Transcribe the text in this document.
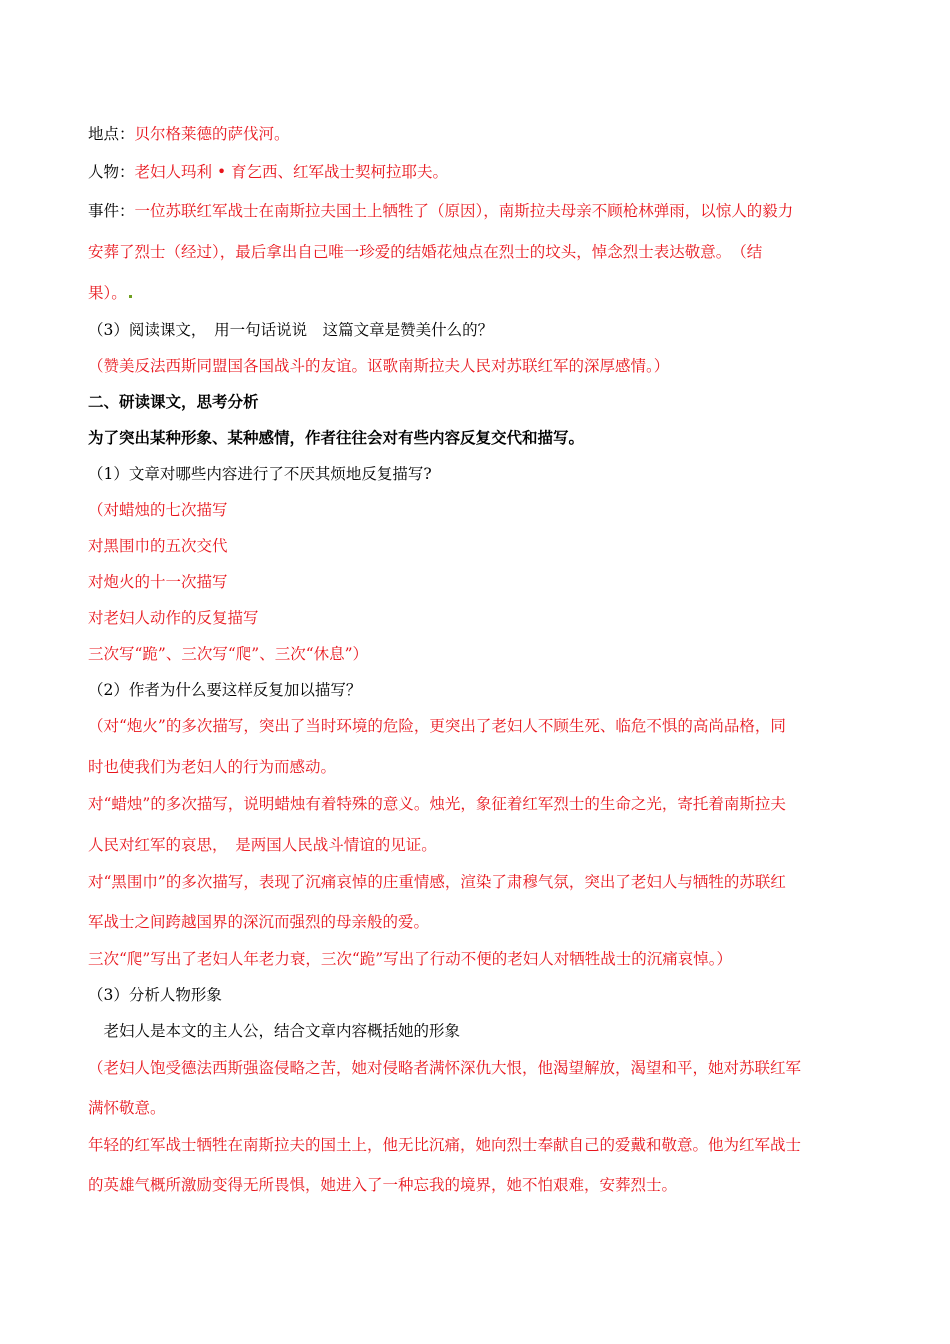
地点：贝尔格莱德的萨伐河。
人物：老妇人玛利 • 育乞西、红军战士契柯拉耶夫。
事件：一位苏联红军战士在南斯拉夫国土上牺牲了（原因），南斯拉夫母亲不顾枪林弹雨，以惊人的毅力
安葬了烈士（经过），最后拿出自己唯一珍爱的结婚花烛点在烈士的坟头，悼念烈士表达敬意。　（结
果）。
（3）阅读课文，　用一句话说说　这篇文章是赞美什么的？
（赞美反法西斯同盟国各国战斗的友谊。讴歌南斯拉夫人民对苏联红军的深厚感情。）
二、研读课文，思考分析
为了突出某种形象、某种感情，作者往往会对有些内容反复交代和描写。
（1）文章对哪些内容进行了不厌其烦地反复描写?
（对蜡烛的七次描写
对黑围巾的五次交代
对炮火的十一次描写
对老妇人动作的反复描写
三次写“跪”、三次写“爬”、三次“休息”）
（2）作者为什么要这样反复加以描写？
（对“炮火”的多次描写，突出了当时环境的危险，更突出了老妇人不顾生死、临危不惧的高尚品格，同
时也使我们为老妇人的行为而感动。
对“蜡烛”的多次描写，说明蜡烛有着特殊的意义。烛光，象征着红军烈士的生命之光，寄托着南斯拉夫
人民对红军的哀思，　是两国人民战斗情谊的见证。
对“黑围巾”的多次描写，表现了沉痛哀悼的庄重情感，渲染了肃穆气氛，突出了老妇人与牺牲的苏联红
军战士之间跨越国界的深沉而强烈的母亲般的爱。
三次“爬”写出了老妇人年老力衰，三次“跪”写出了行动不便的老妇人对牺牲战士的沉痛哀悼。）
（3）分析人物形象
　老妇人是本文的主人公，结合文章内容概括她的形象
（老妇人饱受德法西斯强盗侵略之苦，她对侵略者满怀深仇大恨，他渴望解放，渴望和平，她对苏联红军
满怀敬意。
年轻的红军战士牺牲在南斯拉夫的国土上，他无比沉痛，她向烈士奉献自己的爱戴和敬意。他为红军战士
的英雄气概所激励变得无所畏惧，她进入了一种忘我的境界，她不怕艰难，安葬烈士。
